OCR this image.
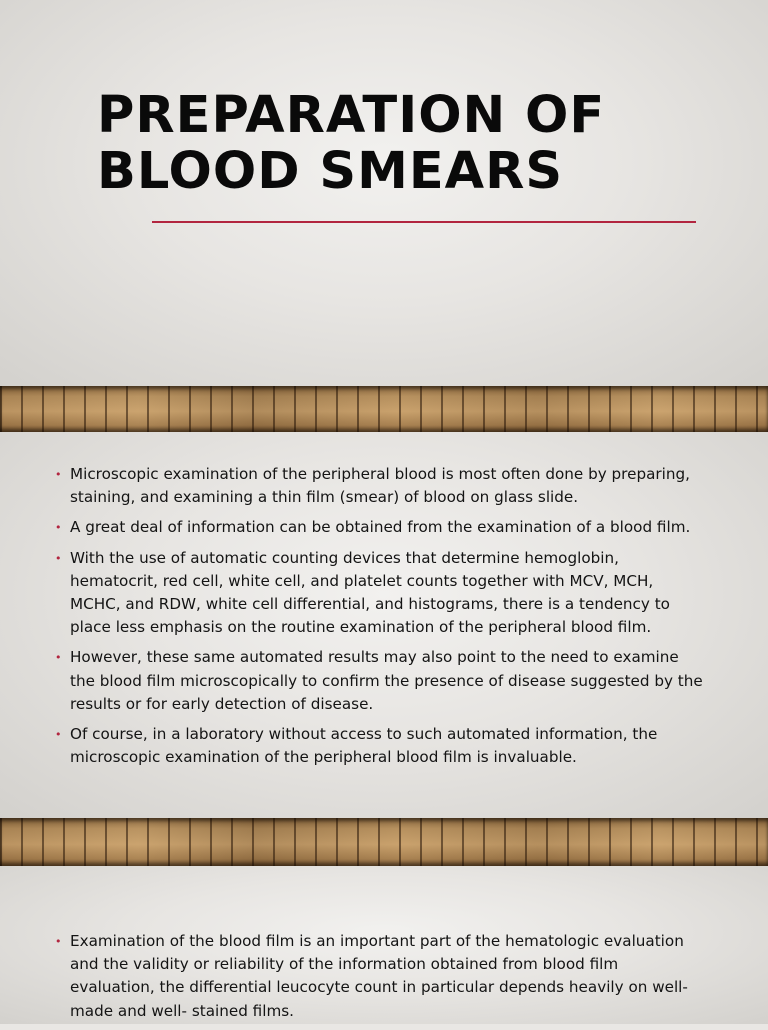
PREPARATION OF
BLOOD SMEARS
• Microscopic examination of the peripheral blood is most often done by preparing, staining, and examining a thin film (smear) of blood on glass slide.
• A great deal of information can be obtained from the examination of a blood film.
• With the use of automatic counting devices that determine hemoglobin, hematocrit, red cell, white cell, and platelet counts together with MCV, MCH, MCHC, and RDW, white cell differential, and histograms, there is a tendency to place less emphasis on the routine examination of the peripheral blood film.
• However, these same automated results may also point to the need to examine the blood film microscopically to confirm the presence of disease suggested by the results or for early detection of disease.
• Of course, in a laboratory without access to such automated information, the microscopic examination of the peripheral blood film is invaluable.
• Examination of the blood film is an important part of the hematologic evaluation and the validity or reliability of the information obtained from blood film evaluation, the differential leucocyte count in particular depends heavily on well-made and well- stained films.
